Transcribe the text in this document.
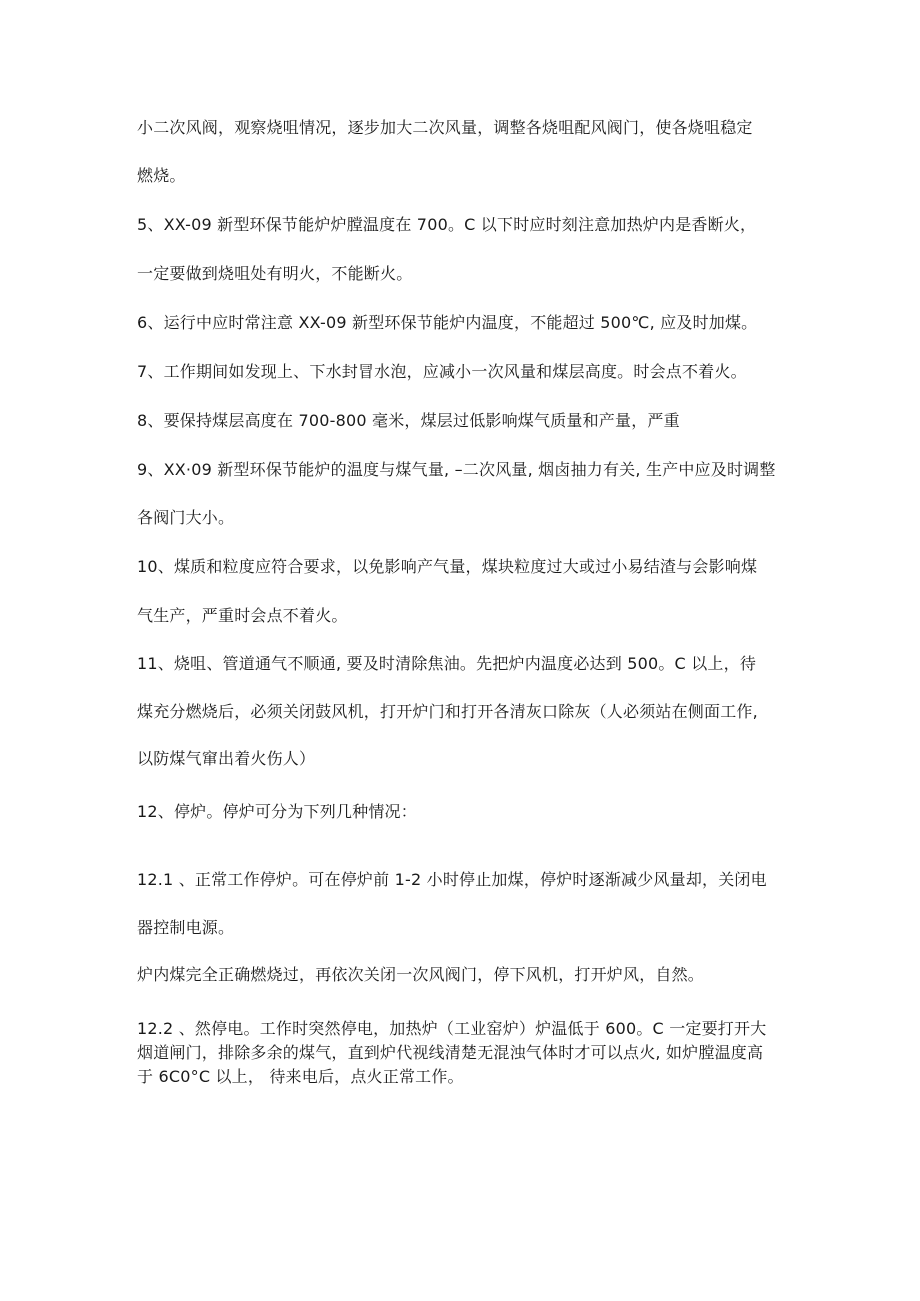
小二次风阀，观察烧咀情况，逐步加大二次风量，调整各烧咀配风阀门，使各烧咀稳定
燃烧。
5、XX-09 新型环保节能炉炉膛温度在 700。C 以下时应时刻注意加热炉内是香断火，
一定要做到烧咀处有明火，不能断火。
6、运行中应时常注意 XX-09 新型环保节能炉内温度，不能超过 500℃, 应及时加煤。
7、工作期间如发现上、下水封冒水泡，应减小一次风量和煤层高度。时会点不着火。
8、要保持煤层高度在 700-800 毫米，煤层过低影响煤气质量和产量，严重
9、XX·09 新型环保节能炉的温度与煤气量, –二次风量, 烟卤抽力有关, 生产中应及时调整
各阀门大小。
10、煤质和粒度应符合要求，以免影响产气量，煤块粒度过大或过小易结渣与会影响煤
气生产，严重时会点不着火。
11、烧咀、管道通气不顺通, 要及时清除焦油。先把炉内温度必达到 500。C 以上，待
煤充分燃烧后，必须关闭鼓风机，打开炉门和打开各清灰口除灰（人必须站在侧面工作,
以防煤气窜出着火伤人）
12、停炉。停炉可分为下列几种情况：
12.1 、正常工作停炉。可在停炉前 1-2 小时停止加煤，停炉时逐渐减少风量却，关闭电
器控制电源。
炉内煤完全正确燃烧过，再依次关闭一次风阀门，停下风机，打开炉风，自然。
12.2 、然停电。工作时突然停电，加热炉（工业窑炉）炉温低于 600。C 一定要打开大
烟道闸门，排除多余的煤气，直到炉代视线清楚无混浊气体时才可以点火, 如炉膛温度高
于 6C0°C 以上， 待来电后，点火正常工作。
